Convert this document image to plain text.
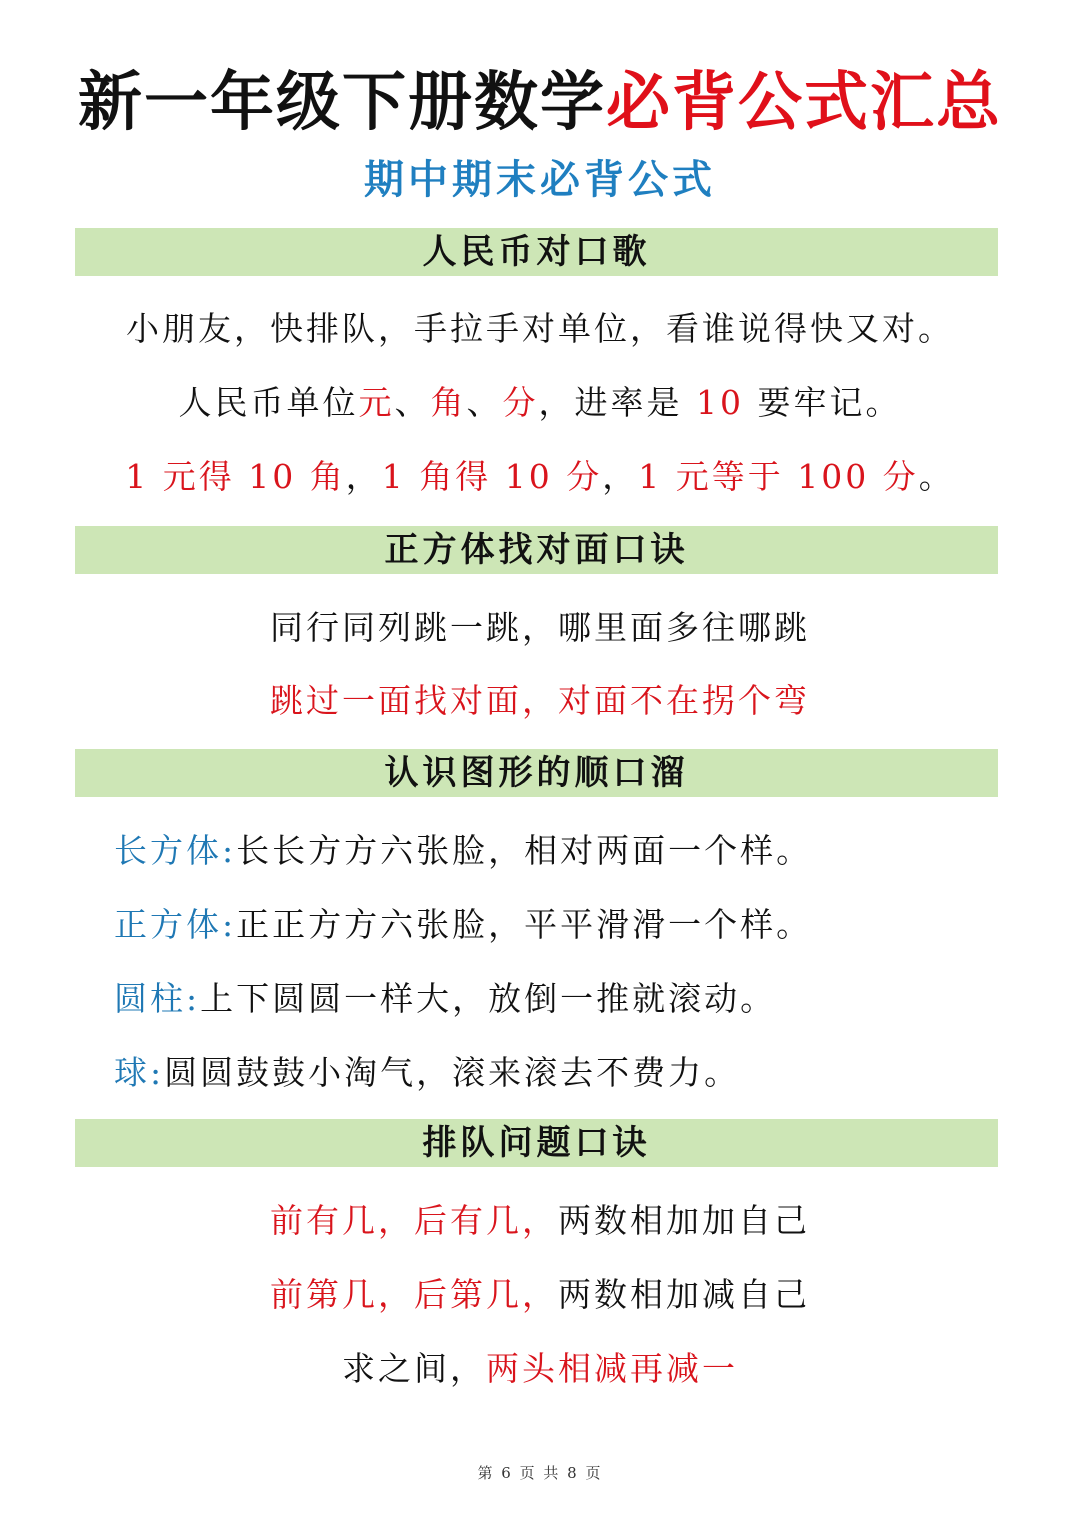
新一年级下册数学必背公式汇总
期中期末必背公式
人民币对口歌
小朋友，快排队，手拉手对单位，看谁说得快又对。
人民币单位元、角、分，进率是 10 要牢记。
1 元得 10 角，1 角得 10 分，1 元等于 100 分。
正方体找对面口诀
同行同列跳一跳，哪里面多往哪跳
跳过一面找对面，对面不在拐个弯
认识图形的顺口溜
长方体:长长方方六张脸，相对两面一个样。
正方体:正正方方六张脸，平平滑滑一个样。
圆柱:上下圆圆一样大，放倒一推就滚动。
球:圆圆鼓鼓小淘气，滚来滚去不费力。
排队问题口诀
前有几，后有几，两数相加加自己
前第几，后第几，两数相加减自己
求之间，两头相减再减一
第 6 页 共 8 页
